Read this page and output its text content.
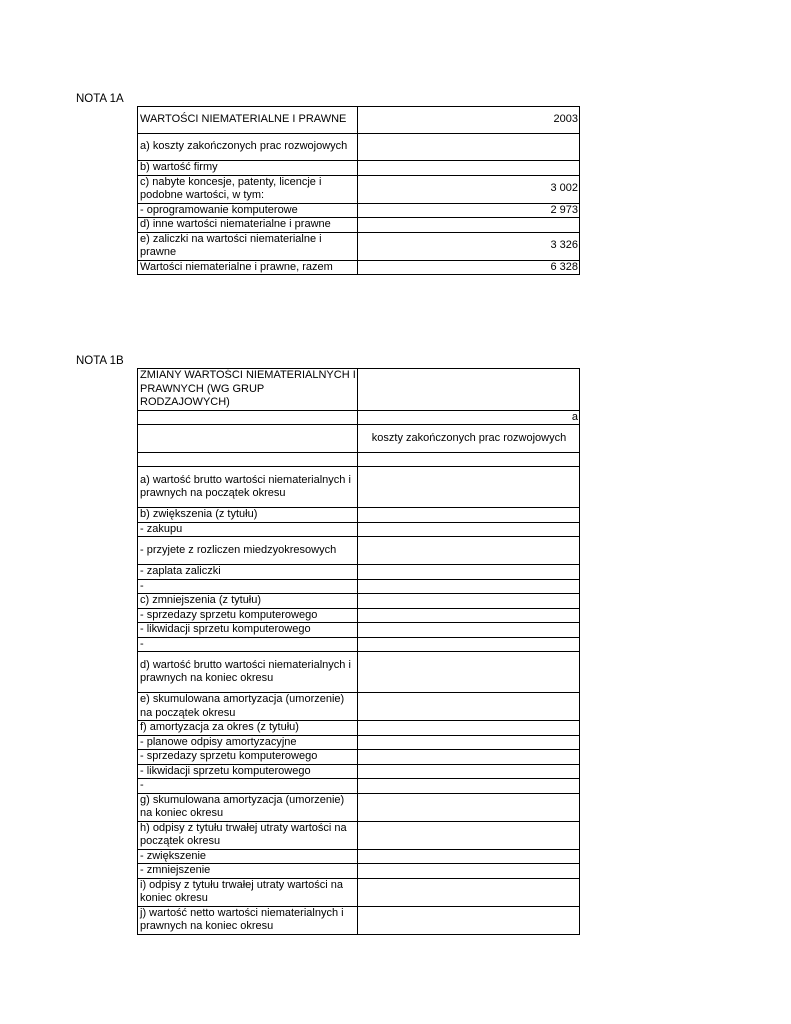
NOTA 1A
WARTOŚCI NIEMATERIALNE I PRAWNE	2003
a) koszty zakończonych prac rozwojowych	
b) wartość firmy	
c) nabyte koncesje, patenty, licencje i podobne wartości, w tym:	3 002
- oprogramowanie komputerowe	2 973
d) inne wartości niematerialne i prawne	
e) zaliczki na wartości niematerialne i prawne	3 326
Wartości niematerialne i prawne, razem	6 328
NOTA 1B
ZMIANY WARTOŚCI NIEMATERIALNYCH I PRAWNYCH (WG GRUP RODZAJOWYCH)	
	a
	koszty zakończonych prac rozwojowych

a) wartość brutto wartości niematerialnych i prawnych na początek okresu	
b) zwiększenia (z tytułu)	
- zakupu	
- przyjete z rozliczen miedzyokresowych	
- zaplata zaliczki	
-	
c) zmniejszenia (z tytułu)	
- sprzedazy sprzetu komputerowego	
- likwidacji sprzetu komputerowego	
-	
d) wartość brutto wartości niematerialnych i prawnych na koniec okresu	
e) skumulowana amortyzacja (umorzenie) na początek okresu	
f) amortyzacja za okres (z tytułu)	
- planowe odpisy amortyzacyjne	
- sprzedazy sprzetu komputerowego	
- likwidacji sprzetu komputerowego	
-	
g) skumulowana amortyzacja (umorzenie) na koniec okresu	
h) odpisy z tytułu trwałej utraty wartości na początek okresu	
- zwiększenie	
- zmniejszenie	
i) odpisy z tytułu trwałej utraty wartości na koniec okresu	
j) wartość netto wartości niematerialnych i prawnych na koniec okresu	
